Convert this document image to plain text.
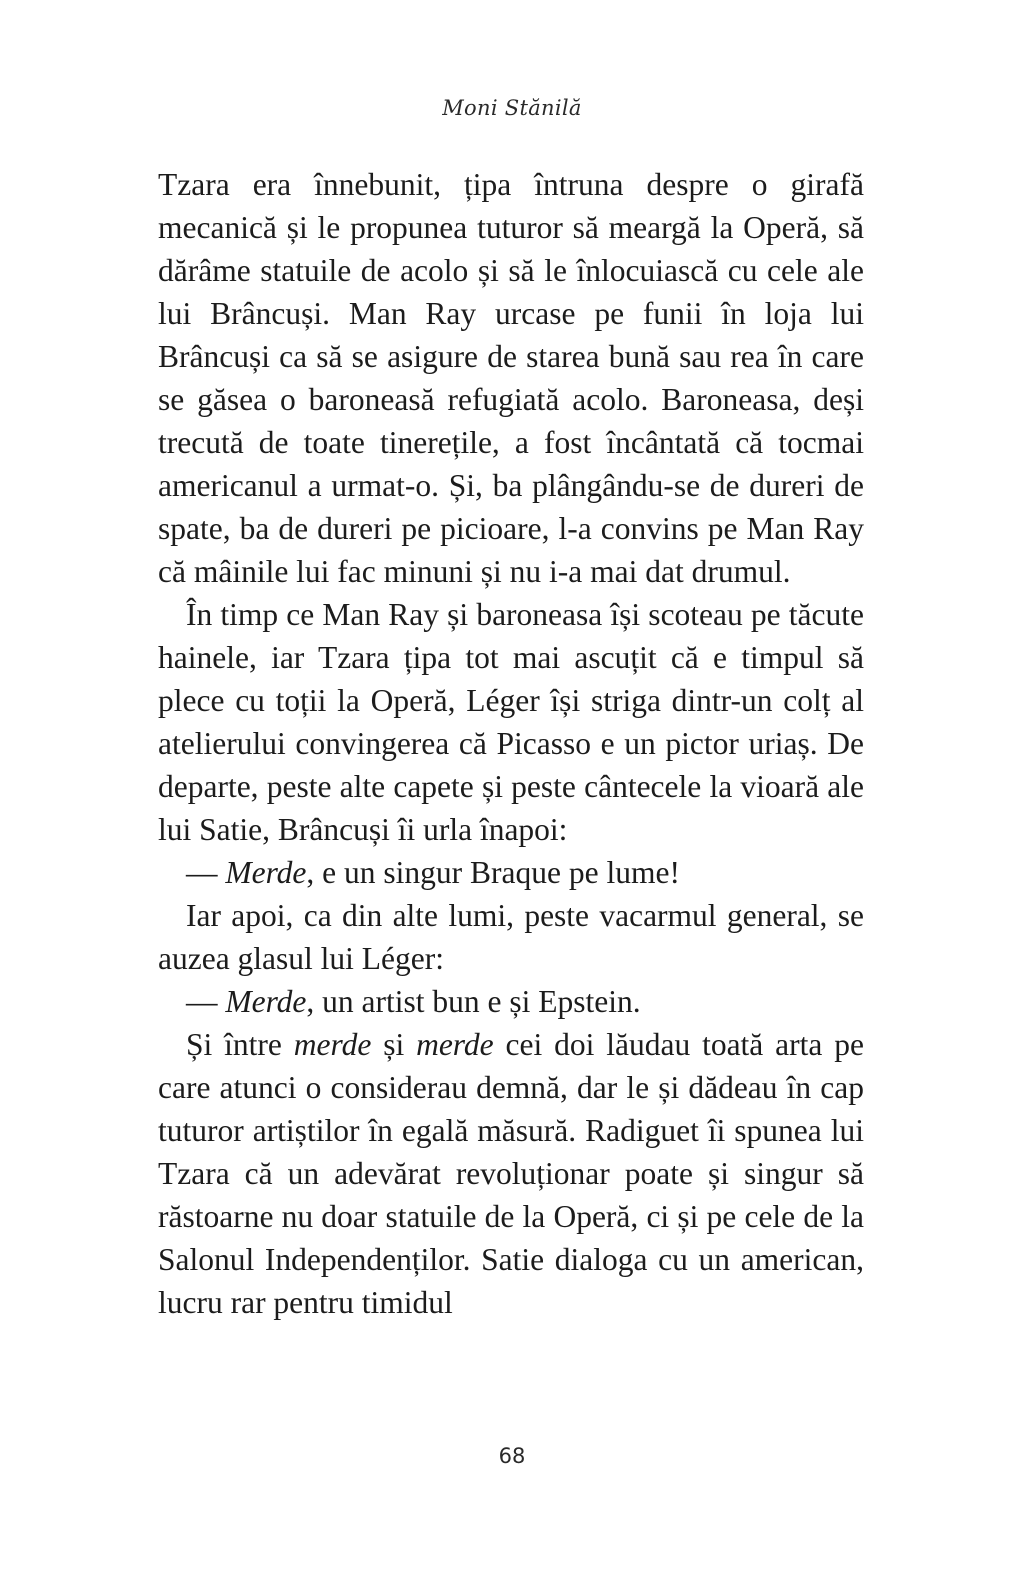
Moni Stănilă

Tzara era înnebunit, țipa întruna despre o girafă mecanică și le propunea tuturor să meargă la Operă, să dărâme statuile de acolo și să le înlocuiască cu cele ale lui Brâncuși. Man Ray urcase pe funii în loja lui Brâncuși ca să se asigure de starea bună sau rea în care se găsea o baroneasă refugiată acolo. Baroneasa, deși trecută de toate tinerețile, a fost încântată că tocmai americanul a urmat-o. Și, ba plângându-se de dureri de spate, ba de dureri pe picioare, l-a convins pe Man Ray că mâinile lui fac minuni și nu i-a mai dat drumul.

În timp ce Man Ray și baroneasa își scoteau pe tăcute hainele, iar Tzara țipa tot mai ascuțit că e timpul să plece cu toții la Operă, Léger își striga dintr-un colț al atelierului convingerea că Picasso e un pictor uriaș. De departe, peste alte capete și peste cântecele la vioară ale lui Satie, Brâncuși îi urla înapoi:

— Merde, e un singur Braque pe lume!

Iar apoi, ca din alte lumi, peste vacarmul general, se auzea glasul lui Léger:

— Merde, un artist bun e și Epstein.

Și între merde și merde cei doi lăudau toată arta pe care atunci o considerau demnă, dar le și dădeau în cap tuturor artiștilor în egală măsură. Radiguet îi spunea lui Tzara că un adevărat revoluționar poate și singur să răstoarne nu doar statuile de la Operă, ci și pe cele de la Salonul Independenților. Satie dialoga cu un american, lucru rar pentru timidul

68
